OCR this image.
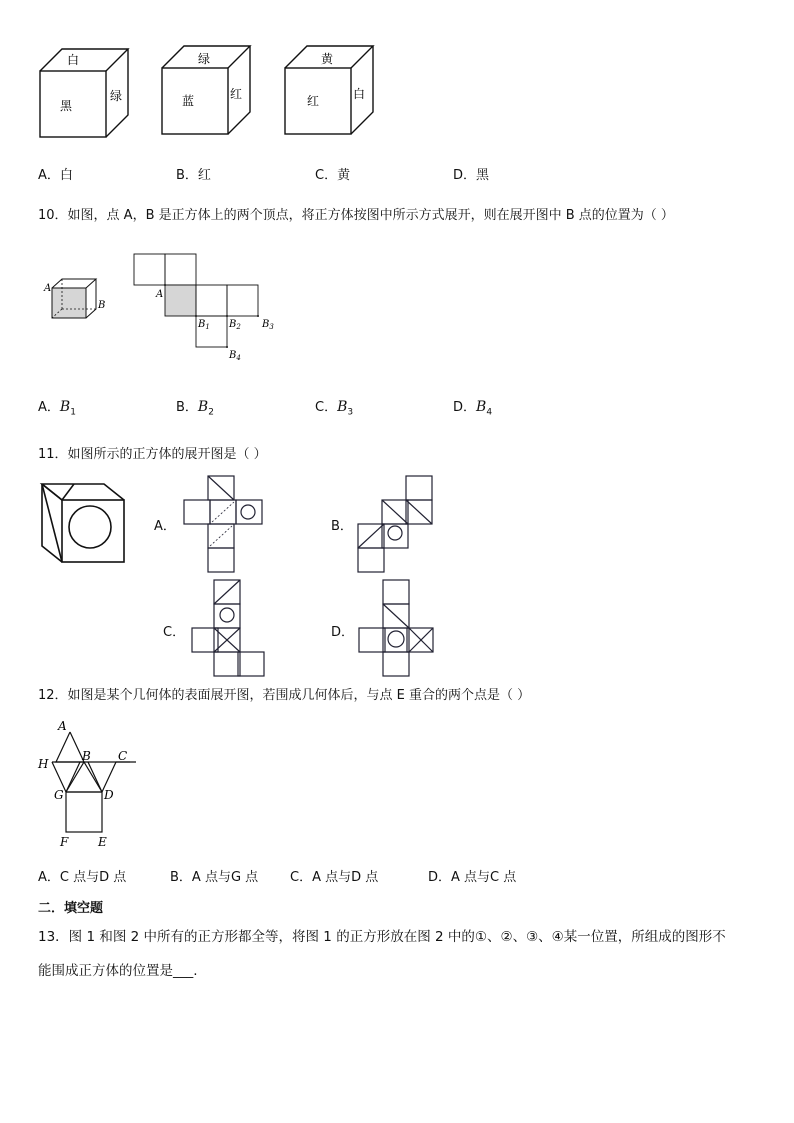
白
黑
绿
绿
蓝	红
黄
红	白
A．白	B．红	C．黄	D．黑
10．如图，点 A，B 是正方体上的两个顶点，将正方体按图中所示方式展开，则在展开图中 B 点的位置为（ ）
A
B
A
$B_1$ $B_2$ $B_3$
$B_4$
A．$B_1$	B．$B_2$	C．$B_3$	D．$B_4$
11．如图所示的正方体的展开图是（ ）
A．	B．
C．	D．
12．如图是某个几何体的表面展开图，若围成几何体后，与点 E 重合的两个点是（ ）
A
B C
H
G	D
F E
A．C 点与D 点	B．A 点与G 点 C．A 点与D 点	D．A 点与C 点
二．填空题
13．图 1 和图 2 中所有的正方形都全等，将图 1 的正方形放在图 2 中的①、②、③、④某一位置，所组成的图形不
能围成正方体的位置是___.
